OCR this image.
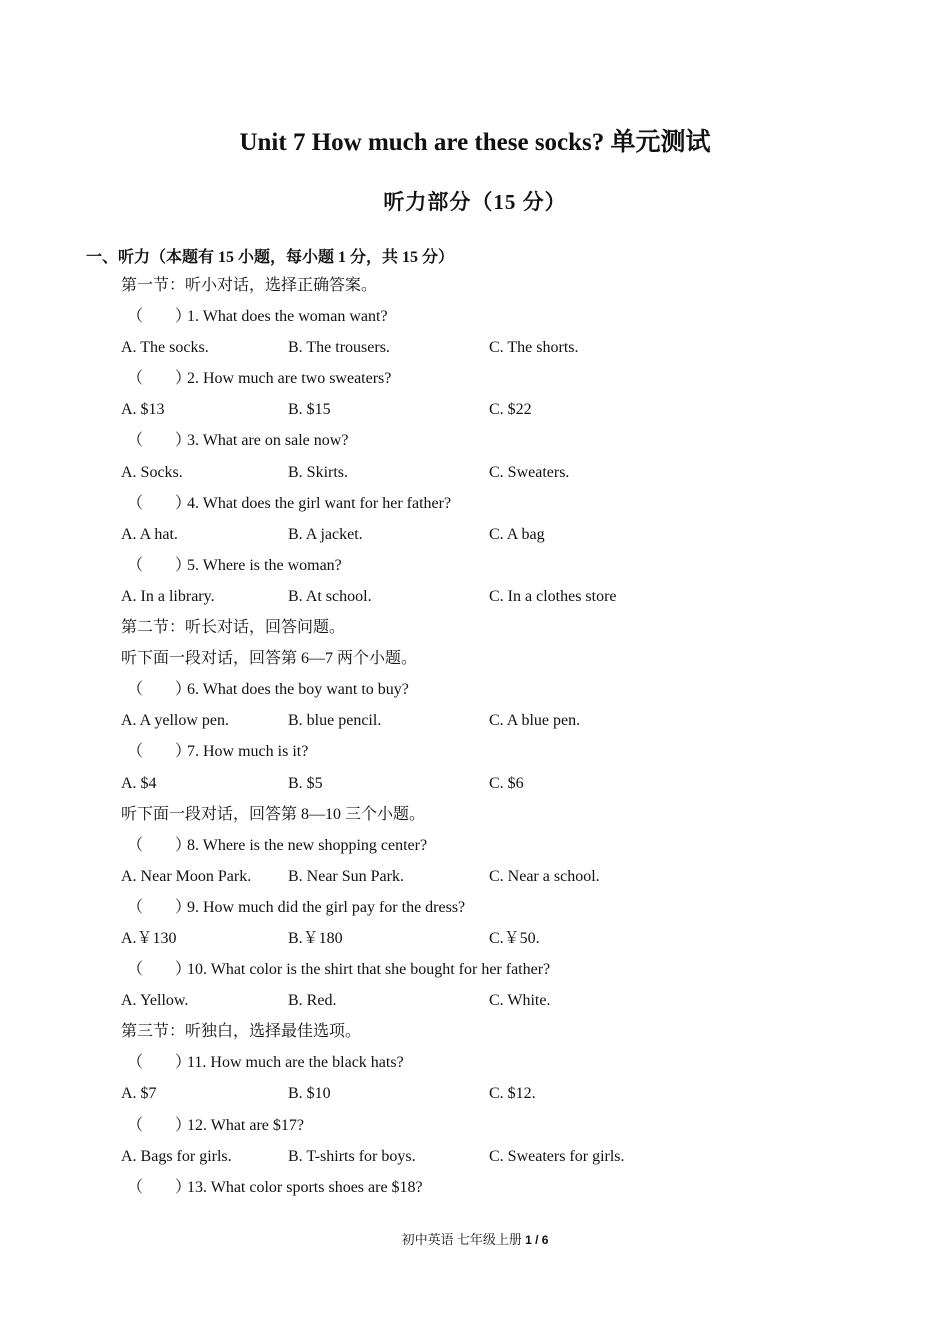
Unit 7 How much are these socks? 单元测试
听力部分（15 分）
一、听力（本题有 15 小题，每小题 1 分，共 15 分）
第一节：听小对话，选择正确答案。
（　　）1. What does the woman want?
A. The socks.	B. The trousers.	C. The shorts.
（　　）2. How much are two sweaters?
A. $13	B. $15	C. $22
（　　）3. What are on sale now?
A. Socks.	B. Skirts.	C. Sweaters.
（　　）4. What does the girl want for her father?
A. A hat.	B. A jacket.	C. A bag
（　　）5. Where is the woman?
A. In a library.	B. At school.	C. In a clothes store
第二节：听长对话，回答问题。
听下面一段对话，回答第 6—7 两个小题。
（　　）6. What does the boy want to buy?
A. A yellow pen.	B. blue pencil.	C. A blue pen.
（　　）7. How much is it?
A. $4	B. $5	C. $6
听下面一段对话，回答第 8—10 三个小题。
（　　）8. Where is the new shopping center?
A. Near Moon Park. B. Near Sun Park.	C. Near a school.
（　　）9. How much did the girl pay for the dress?
A.￥130	B.￥180	C.￥50.
（　　）10. What color is the shirt that she bought for her father?
A. Yellow.	B. Red.	C. White.
第三节：听独白，选择最佳选项。
（　　）11. How much are the black hats?
A. $7	B. $10	C. $12.
（　　）12. What are $17?
A. Bags for girls.	B. T-shirts for boys.	C. Sweaters for girls.
（　　）13. What color sports shoes are $18?
初中英语 七年级上册 1 / 6
